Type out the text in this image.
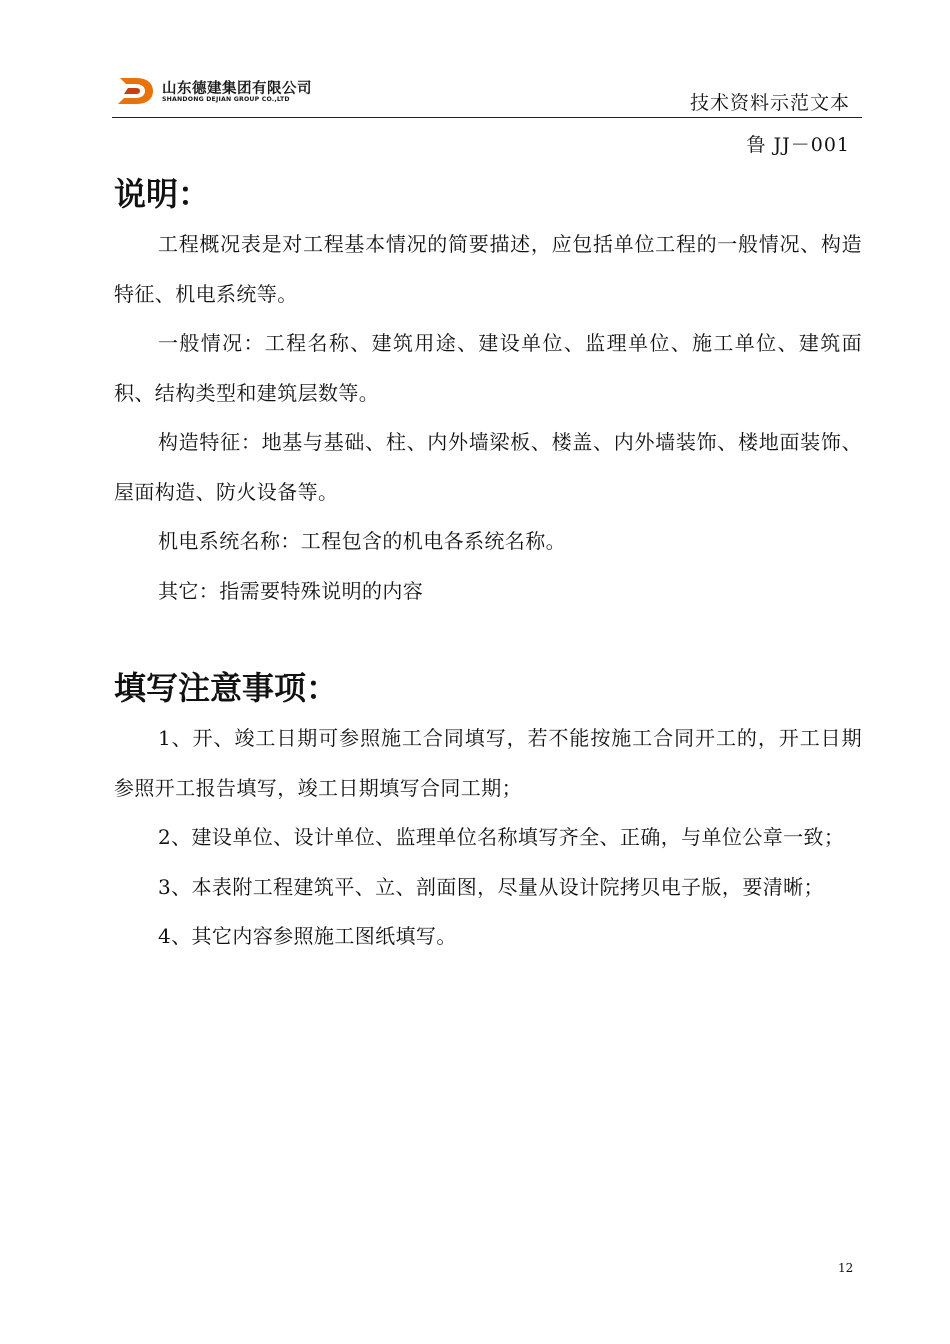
山东德建集团有限公司
SHANDONG DEJIAN GROUP CO.,LTD	技术资料示范文本
鲁 JJ－001
说明：

工程概况表是对工程基本情况的简要描述，应包括单位工程的一般情况、构造特征、机电系统等。

一般情况：工程名称、建筑用途、建设单位、监理单位、施工单位、建筑面积、结构类型和建筑层数等。

构造特征：地基与基础、柱、内外墙梁板、楼盖、内外墙装饰、楼地面装饰、屋面构造、防火设备等。

机电系统名称：工程包含的机电各系统名称。

其它：指需要特殊说明的内容

填写注意事项：

1、开、竣工日期可参照施工合同填写，若不能按施工合同开工的，开工日期参照开工报告填写，竣工日期填写合同工期；

2、建设单位、设计单位、监理单位名称填写齐全、正确，与单位公章一致；

3、本表附工程建筑平、立、剖面图，尽量从设计院拷贝电子版，要清晰；

4、其它内容参照施工图纸填写。

12
